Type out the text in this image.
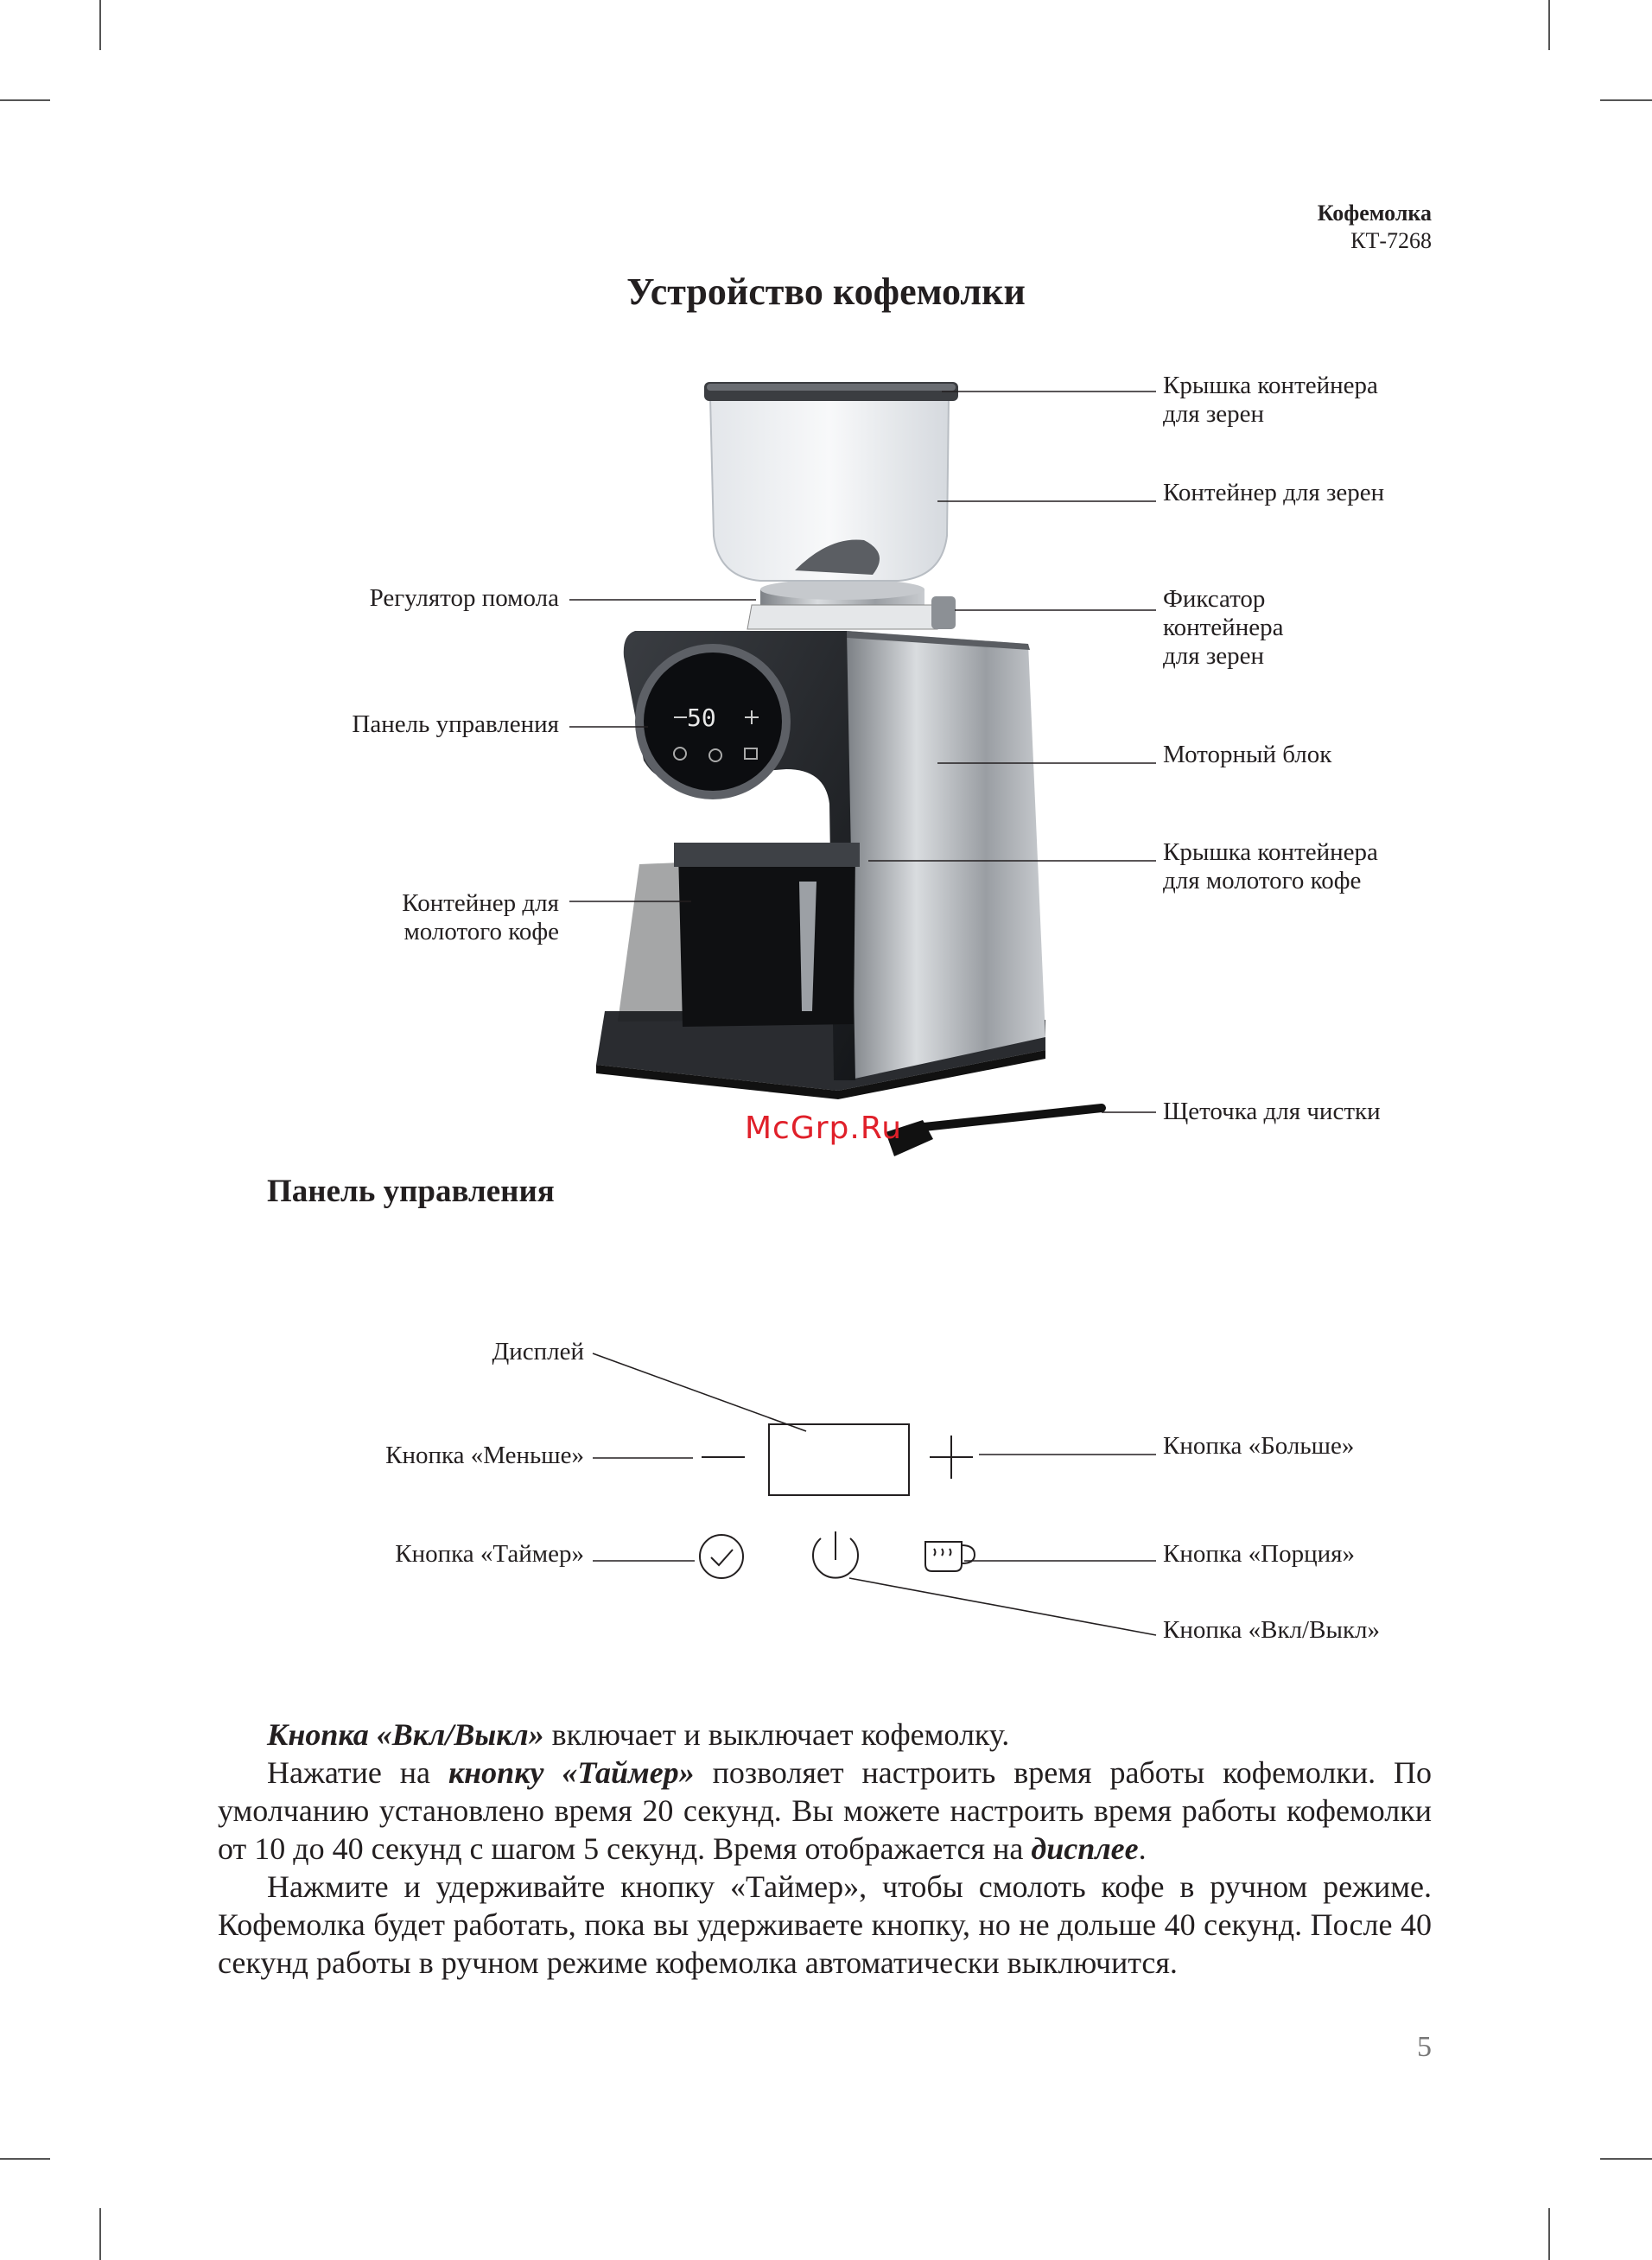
Кофемолка
КТ-7268
Устройство кофемолки
50
Крышка контейнера
для зерен
Контейнер для зерен
Фиксатор
контейнера
для зерен
Моторный блок
Крышка контейнера
для молотого кофе
Щеточка для чистки
Регулятор помола
Панель управления
Контейнер для
молотого кофе
McGrp.Ru
Панель управления
Дисплей
Кнопка «Меньше»	Кнопка «Больше»
Кнопка «Таймер»	Кнопка «Порция»
Кнопка «Вкл/Выкл»

Кнопка «Вкл/Выкл» включает и выключает кофемолку.

Нажатие на кнопку «Таймер» позволяет настроить время работы кофемолки. По умолчанию установлено время 20 секунд. Вы можете настроить время работы кофемолки от 10 до 40 секунд с шагом 5 секунд. Время отображается на дисплее.

Нажмите и удерживайте кнопку «Таймер», чтобы смолоть кофе в ручном режиме. Кофемолка будет работать, пока вы удерживаете кнопку, но не дольше 40 секунд. После 40 секунд работы в ручном режиме кофемолка автоматически выключится.

5
